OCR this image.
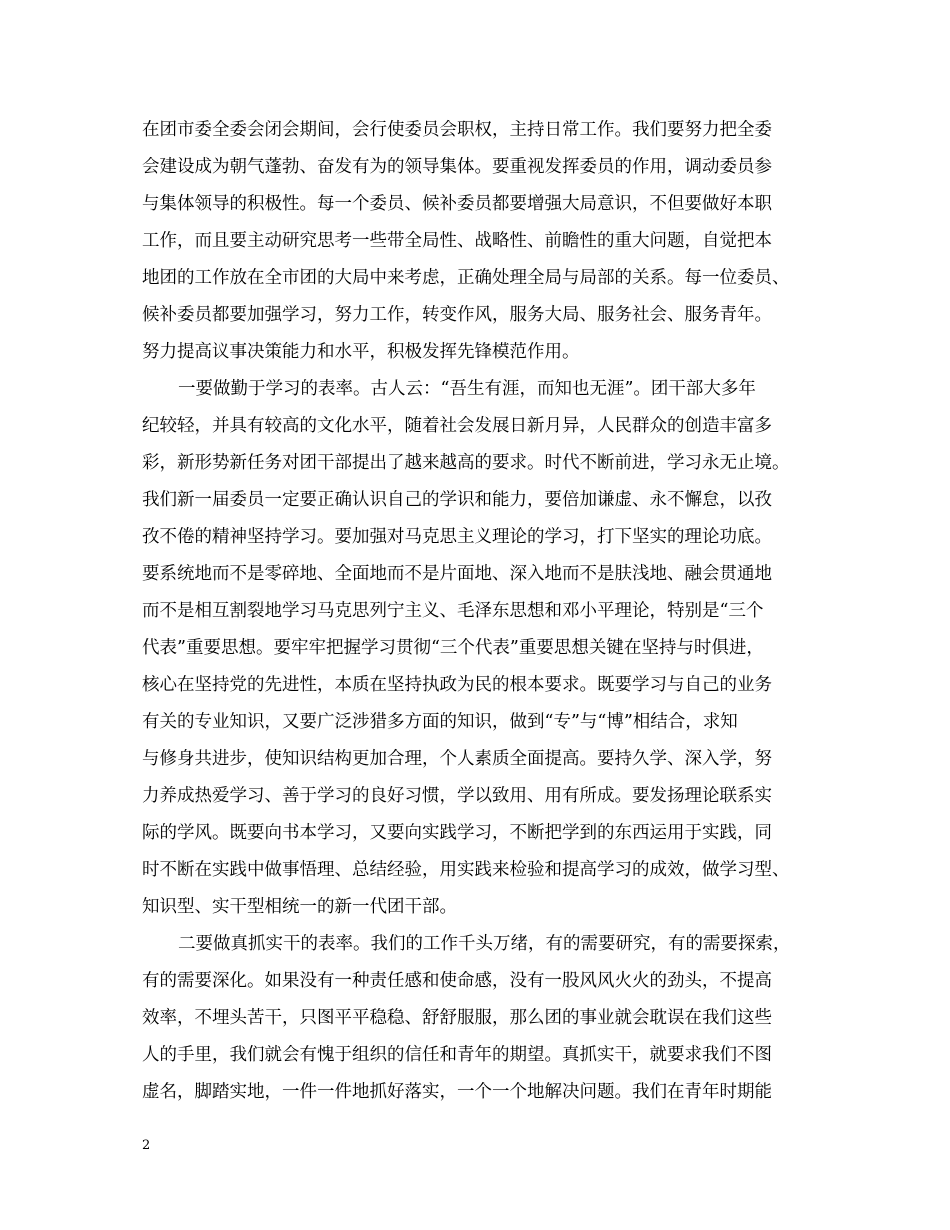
在团市委全委会闭会期间，会行使委员会职权，主持日常工作。我们要努力把全委
会建设成为朝气蓬勃、奋发有为的领导集体。要重视发挥委员的作用，调动委员参
与集体领导的积极性。每一个委员、候补委员都要增强大局意识，不但要做好本职
工作，而且要主动研究思考一些带全局性、战略性、前瞻性的重大问题，自觉把本
地团的工作放在全市团的大局中来考虑，正确处理全局与局部的关系。每一位委员、
候补委员都要加强学习，努力工作，转变作风，服务大局、服务社会、服务青年。
努力提高议事决策能力和水平，积极发挥先锋模范作用。
一要做勤于学习的表率。古人云：“吾生有涯，而知也无涯”。团干部大多年
纪较轻，并具有较高的文化水平，随着社会发展日新月异，人民群众的创造丰富多
彩，新形势新任务对团干部提出了越来越高的要求。时代不断前进，学习永无止境。
我们新一届委员一定要正确认识自己的学识和能力，要倍加谦虚、永不懈怠，以孜
孜不倦的精神坚持学习。要加强对马克思主义理论的学习，打下坚实的理论功底。
要系统地而不是零碎地、全面地而不是片面地、深入地而不是肤浅地、融会贯通地
而不是相互割裂地学习马克思列宁主义、毛泽东思想和邓小平理论，特别是“三个
代表”重要思想。要牢牢把握学习贯彻“三个代表”重要思想关键在坚持与时俱进，
核心在坚持党的先进性，本质在坚持执政为民的根本要求。既要学习与自己的业务
有关的专业知识，又要广泛涉猎多方面的知识，做到“专”与“博”相结合，求知
与修身共进步，使知识结构更加合理，个人素质全面提高。要持久学、深入学，努
力养成热爱学习、善于学习的良好习惯，学以致用、用有所成。要发扬理论联系实
际的学风。既要向书本学习，又要向实践学习，不断把学到的东西运用于实践，同
时不断在实践中做事悟理、总结经验，用实践来检验和提高学习的成效，做学习型、
知识型、实干型相统一的新一代团干部。
二要做真抓实干的表率。我们的工作千头万绪，有的需要研究，有的需要探索，
有的需要深化。如果没有一种责任感和使命感，没有一股风风火火的劲头，不提高
效率，不埋头苦干，只图平平稳稳、舒舒服服，那么团的事业就会耽误在我们这些
人的手里，我们就会有愧于组织的信任和青年的期望。真抓实干，就要求我们不图
虚名，脚踏实地，一件一件地抓好落实，一个一个地解决问题。我们在青年时期能
2
